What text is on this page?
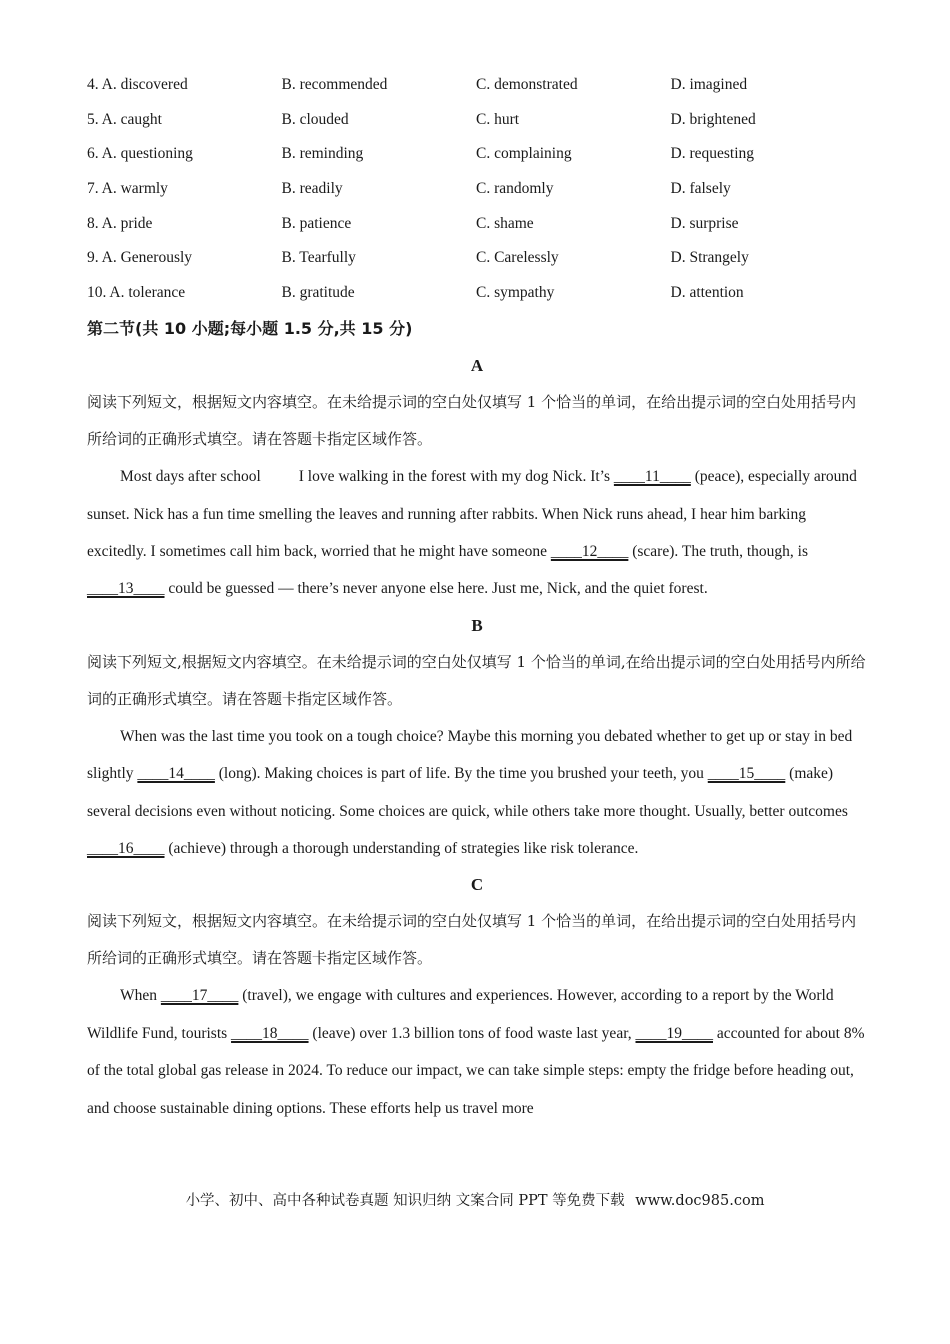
4. A. discovered	B. recommended	C. demonstrated	D. imagined
5. A. caught	B. clouded	C. hurt	D. brightened
6. A. questioning	B. reminding	C. complaining	D. requesting
7. A. warmly	B. readily	C. randomly	D. falsely
8. A. pride	B. patience	C. shame	D. surprise
9. A. Generously	B. Tearfully	C. Carelessly	D. Strangely
10. A. tolerance	B. gratitude	C. sympathy	D. attention
第二节(共 10 小题;每小题 1.5 分,共 15 分)
A
阅读下列短文，根据短文内容填空。在未给提示词的空白处仅填写 1 个恰当的单词，在给出提示词的空白处用括号内所给词的正确形式填空。请在答题卡指定区域作答。
Most days after school I love walking in the forest with my dog Nick. It’s ____11____ (peace), especially around sunset. Nick has a fun time smelling the leaves and running after rabbits. When Nick runs ahead, I hear him barking excitedly. I sometimes call him back, worried that he might have someone ____12____ (scare). The truth, though, is ____13____ could be guessed — there’s never anyone else here. Just me, Nick, and the quiet forest.
B
阅读下列短文,根据短文内容填空。在未给提示词的空白处仅填写 1 个恰当的单词,在给出提示词的空白处用括号内所给词的正确形式填空。请在答题卡指定区域作答。
When was the last time you took on a tough choice? Maybe this morning you debated whether to get up or stay in bed slightly ____14____ (long). Making choices is part of life. By the time you brushed your teeth, you ____15____ (make) several decisions even without noticing. Some choices are quick, while others take more thought. Usually, better outcomes ____16____ (achieve) through a thorough understanding of strategies like risk tolerance.
C
阅读下列短文，根据短文内容填空。在未给提示词的空白处仅填写 1 个恰当的单词，在给出提示词的空白处用括号内所给词的正确形式填空。请在答题卡指定区域作答。
When ____17____ (travel), we engage with cultures and experiences. However, according to a report by the World Wildlife Fund, tourists ____18____ (leave) over 1.3 billion tons of food waste last year, ____19____ accounted for about 8% of the total global gas release in 2024. To reduce our impact, we can take simple steps: empty the fridge before heading out, and choose sustainable dining options. These efforts help us travel more
小学、初中、高中各种试卷真题 知识归纳 文案合同 PPT 等免费下载 www.doc985.com
